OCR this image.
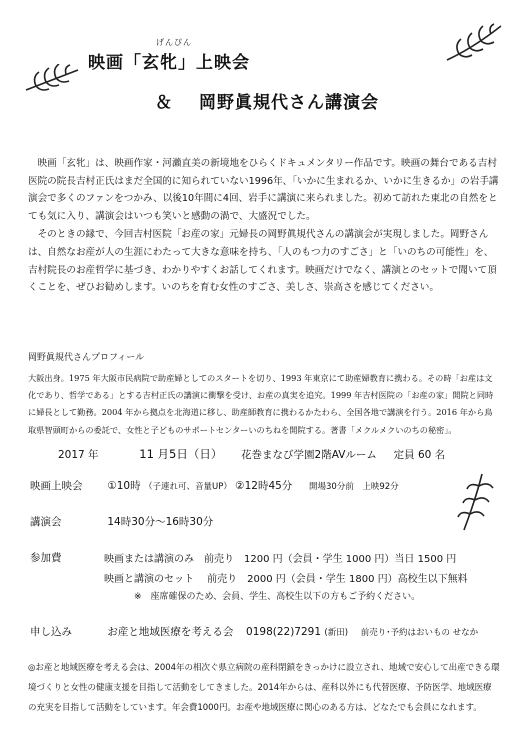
映画「
げんぴん
玄牝」上映会
＆ 岡野眞規代さん講演会

映画「玄牝」は、映画作家・河瀨直美の新境地をひらくドキュメンタリー作品です。映画の舞台である吉村医院の院長吉村正氏はまだ全国的に知られていない1996年、「いかに生まれるか、いかに生きるか」の岩手講演会で多くのファンをつかみ、以後10年間に4回、岩手に講演に来られました。初めて訪れた東北の自然をとても気に入り、講演会はいつも笑いと感動の渦で、大盛況でした。

そのときの縁で、今回吉村医院「お産の家」元婦長の岡野眞規代さんの講演会が実現しました。岡野さんは、自然なお産が人の生涯にわたって大きな意味を持ち、「人のもつ力のすごさ」と「いのちの可能性」を、吉村院長のお産哲学に基づき、わかりやすくお話してくれます。映画だけでなく、講演とのセットで聞いて頂くことを、ぜひお勧めします。いのちを育む女性のすごさ、美しさ、崇高さを感じてください。

岡野眞規代さんプロフィール
大阪出身。1975 年大阪市民病院で助産婦としてのスタートを切り、1993 年東京にて助産婦教育に携わる。その時「お産は文化であり、哲学である」とする吉村正氏の講演に衝撃を受け、お産の真実を追究。1999 年吉村医院の「お産の家」開院と同時に婦長として勤務。2004 年から拠点を北海道に移し、助産師教育に携わるかたわら、全国各地で講演を行う。2016 年から鳥取県智頭町からの委託で、女性と子どものサポートセンターいのちねを開院する。著書「メクルメクいのちの秘密」。
2017 年	11 月5日（日） 花巻まなび学園2階AVルーム 定員 60 名
映画上映会 ①10時 （子連れ可、音量UP） ②12時45分 開場30分前　上映92分
講演会	14時30分～16時30分
参加費	映画または講演のみ　前売り　1200 円（会員・学生 1000 円）当日 1500 円
映画と講演のセット　 前売り　2000 円（会員・学生 1800 円）高校生以下無料
※　座席確保のため、会員、学生、高校生以下の方もご予約ください。
申し込み	お産と地域医療を考える会 0198(22)7291 (新田) 前売り･予約はおいもの せなか
◎お産と地域医療を考える会は、2004年の相次ぐ県立病院の産科閉鎖をきっかけに設立され、地域で安心して出産できる環境づくりと女性の健康支援を目指して活動をしてきました。2014年からは、産科以外にも代替医療、予防医学、地域医療の充実を目指して活動をしています。年会費1000円。お産や地域医療に関心のある方は、どなたでも会員になれます。
